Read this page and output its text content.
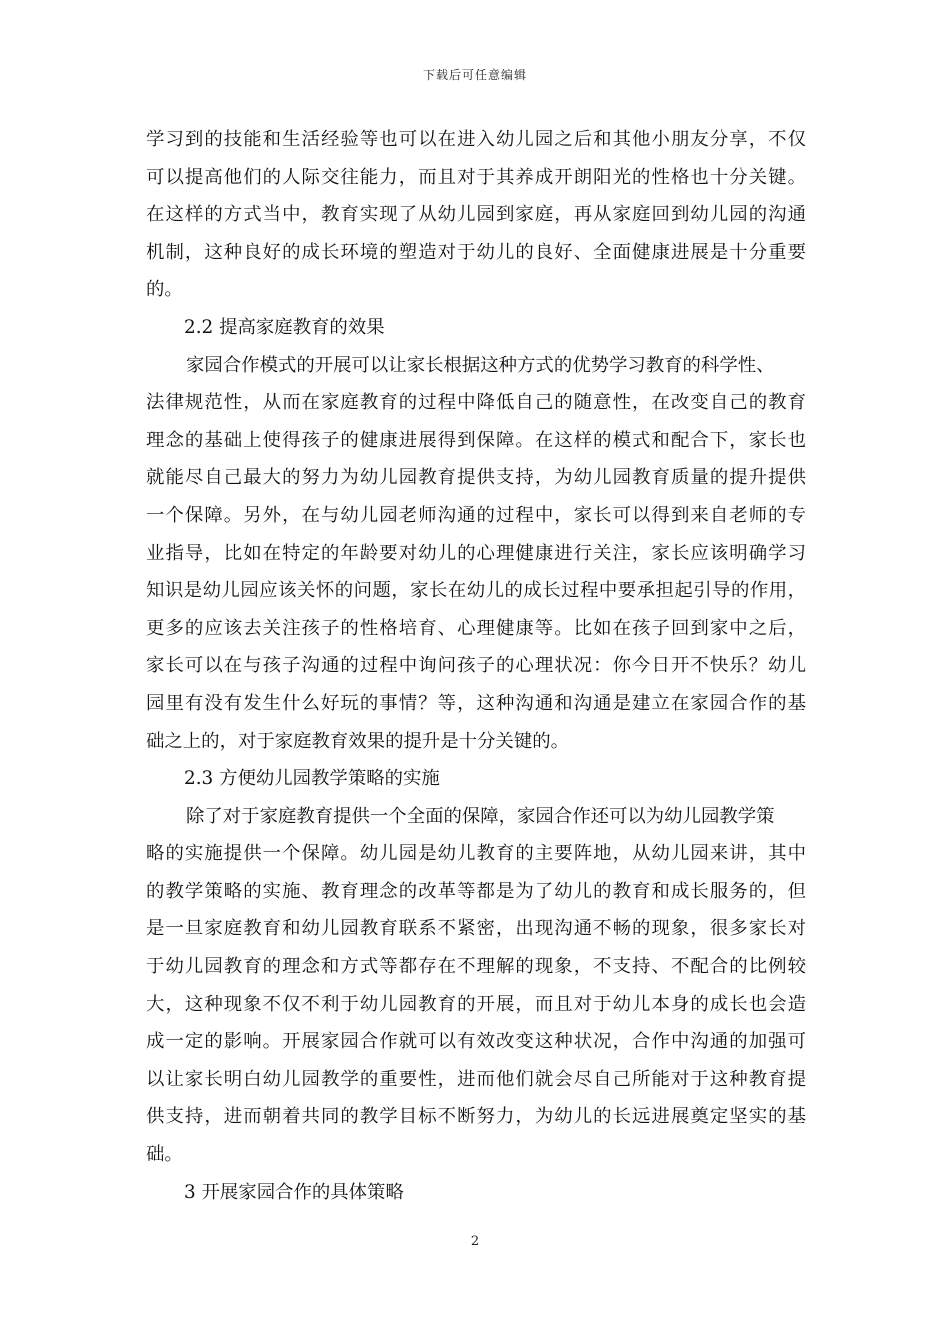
下载后可任意编辑
学习到的技能和生活经验等也可以在进入幼儿园之后和其他小朋友分享，不仅
可以提高他们的人际交往能力，而且对于其养成开朗阳光的性格也十分关键。
在这样的方式当中，教育实现了从幼儿园到家庭，再从家庭回到幼儿园的沟通
机制，这种良好的成长环境的塑造对于幼儿的良好、全面健康进展是十分重要
的。
2.2 提高家庭教育的效果
家园合作模式的开展可以让家长根据这种方式的优势学习教育的科学性、
法律规范性，从而在家庭教育的过程中降低自己的随意性，在改变自己的教育
理念的基础上使得孩子的健康进展得到保障。在这样的模式和配合下，家长也
就能尽自己最大的努力为幼儿园教育提供支持，为幼儿园教育质量的提升提供
一个保障。另外，在与幼儿园老师沟通的过程中，家长可以得到来自老师的专
业指导，比如在特定的年龄要对幼儿的心理健康进行关注，家长应该明确学习
知识是幼儿园应该关怀的问题，家长在幼儿的成长过程中要承担起引导的作用，
更多的应该去关注孩子的性格培育、心理健康等。比如在孩子回到家中之后，
家长可以在与孩子沟通的过程中询问孩子的心理状况：你今日开不快乐？幼儿
园里有没有发生什么好玩的事情？等，这种沟通和沟通是建立在家园合作的基
础之上的，对于家庭教育效果的提升是十分关键的。
2.3 方便幼儿园教学策略的实施
除了对于家庭教育提供一个全面的保障，家园合作还可以为幼儿园教学策
略的实施提供一个保障。幼儿园是幼儿教育的主要阵地，从幼儿园来讲，其中
的教学策略的实施、教育理念的改革等都是为了幼儿的教育和成长服务的，但
是一旦家庭教育和幼儿园教育联系不紧密，出现沟通不畅的现象，很多家长对
于幼儿园教育的理念和方式等都存在不理解的现象，不支持、不配合的比例较
大，这种现象不仅不利于幼儿园教育的开展，而且对于幼儿本身的成长也会造
成一定的影响。开展家园合作就可以有效改变这种状况，合作中沟通的加强可
以让家长明白幼儿园教学的重要性，进而他们就会尽自己所能对于这种教育提
供支持，进而朝着共同的教学目标不断努力，为幼儿的长远进展奠定坚实的基
础。
3 开展家园合作的具体策略
2
